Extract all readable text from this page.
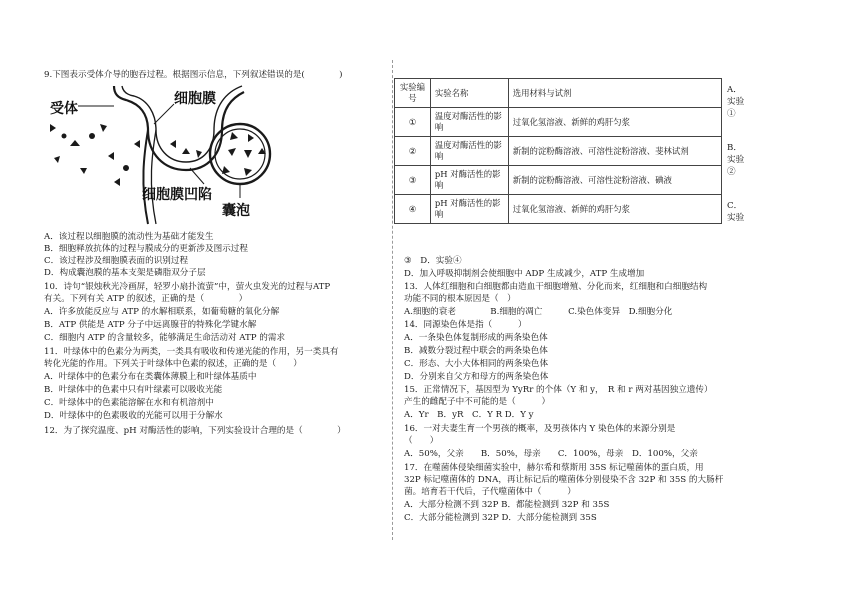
9.下图表示受体介导的胞吞过程。根据图示信息，下列叙述错误的是(　　　　)
受体
细胞膜
细胞膜凹陷
囊泡
A．该过程以细胞膜的流动性为基础才能发生
B．细胞释放抗体的过程与膜成分的更新涉及图示过程
C．该过程涉及细胞膜表面的识别过程
D．构成囊泡膜的基本支架是磷脂双分子层
10．诗句“银烛秋光冷画屏，轻罗小扇扑流萤”中，萤火虫发光的过程与ATP
有关。下列有关 ATP 的叙述，正确的是（　　　　）
A．许多放能反应与 ATP 的水解相联系，如葡萄糖的氧化分解
B．ATP 供能是 ATP 分子中远离腺苷的特殊化学键水解
C．细胞内 ATP 的含量较多，能够满足生命活动对 ATP 的需求
11．叶绿体中的色素分为两类，一类具有吸收和传递光能的作用，另一类具有
转化光能的作用。下列关于叶绿体中色素的叙述，正确的是（　　）
A．叶绿体中的色素分布在类囊体薄膜上和叶绿体基质中
B．叶绿体中的色素中只有叶绿素可以吸收光能
C．叶绿体中的色素能溶解在水和有机溶剂中
D．叶绿体中的色素吸收的光能可以用于分解水
12．为了探究温度、pH 对酶活性的影响，下列实验设计合理的是（　　　　）
实验编号	实验名称	选用材料与试剂
①	温度对酶活性的影响	过氧化氢溶液、新鲜的鸡肝匀浆
②	温度对酶活性的影响	新制的淀粉酶溶液、可溶性淀粉溶液、斐林试剂
③	pH 对酶活性的影响	新制的淀粉酶溶液、可溶性淀粉溶液、碘液
④	pH 对酶活性的影响	过氧化氢溶液、新鲜的鸡肝匀浆
A．实验①
B．实验②
C．实验
③　D．实验④
D．加入呼吸抑制剂会使细胞中 ADP 生成减少，ATP 生成增加
13．人体红细胞和白细胞都由造血干细胞增殖、分化而来，红细胞和白细胞结构
功能不同的根本原因是（　）
A.细胞的衰老　　　　B.细胞的凋亡　　　C.染色体变异　D.细胞分化
14．同源染色体是指（　　　）
A．一条染色体复制形成的两条染色体
B．减数分裂过程中联会的两条染色体
C．形态、大小大体相同的两条染色体
D．分别来自父方和母方的两条染色体
15．正常情况下，基因型为 YyRr 的个体（Y 和 y，　R 和 r 两对基因独立遗传）
产生的雌配子中不可能的是（　　　）
A．Yr　B．yR　C．Y R D．Y y
16．一对夫妻生育一个男孩的概率，及男孩体内 Y 染色体的来源分别是
（　　）
A．50%，父亲　　B．50%，母亲　　C．100%，母亲　D．100%，父亲
17．在噬菌体侵染细菌实验中，赫尔希和蔡斯用 35S 标记噬菌体的蛋白质，用
32P 标记噬菌体的 DNA，再让标记后的噬菌体分别侵染不含 32P 和 35S 的大肠杆
菌。培育若干代后，子代噬菌体中（　　　）
A．大部分检测不到 32P B．都能检测到 32P 和 35S
C．大部分能检测到 32P D．大部分能检测到 35S
